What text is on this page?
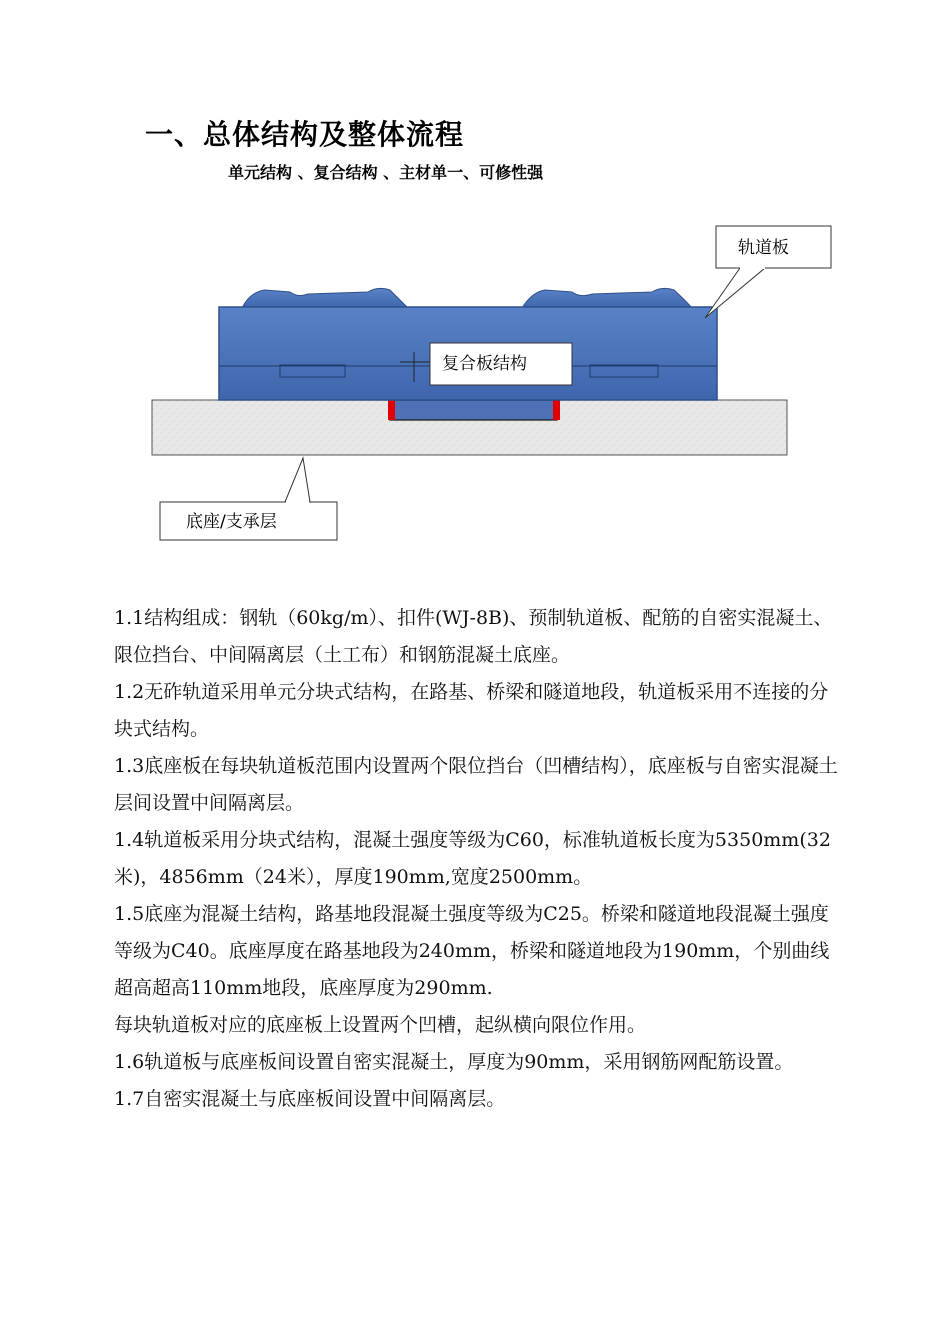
一、总体结构及整体流程
单元结构 、复合结构 、主材单一、可修性强
轨道板
复合板结构
底座/支承层

1.1结构组成：钢轨（60kg/m）、扣件(WJ-8B)、预制轨道板、配筋的自密实混凝土、限位挡台、中间隔离层（土工布）和钢筋混凝土底座。

1.2无砟轨道采用单元分块式结构，在路基、桥梁和隧道地段，轨道板采用不连接的分块式结构。

1.3底座板在每块轨道板范围内设置两个限位挡台（凹槽结构），底座板与自密实混凝土层间设置中间隔离层。

1.4轨道板采用分块式结构，混凝土强度等级为C60，标准轨道板长度为5350mm(32米)，4856mm（24米），厚度190mm,宽度2500mm。

1.5底座为混凝土结构，路基地段混凝土强度等级为C25。桥梁和隧道地段混凝土强度等级为C40。底座厚度在路基地段为240mm，桥梁和隧道地段为190mm，个别曲线超高超高110mm地段，底座厚度为290mm.

每块轨道板对应的底座板上设置两个凹槽，起纵横向限位作用。

1.6轨道板与底座板间设置自密实混凝土，厚度为90mm，采用钢筋网配筋设置。

1.7自密实混凝土与底座板间设置中间隔离层。
